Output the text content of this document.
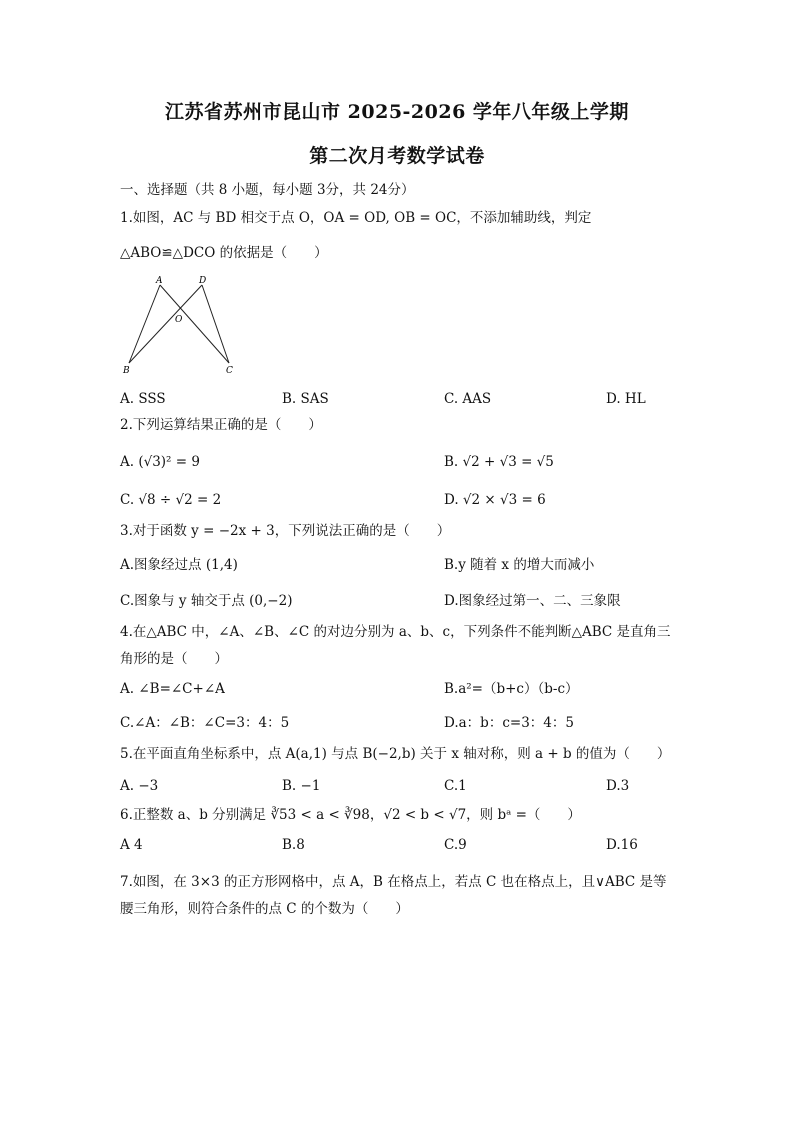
江苏省苏州市昆山市 2025-2026 学年八年级上学期
第二次月考数学试卷
一、选择题（共 8 小题，每小题 3分，共 24分）
1.如图，AC 与 BD 相交于点 O，OA = OD, OB = OC，不添加辅助线，判定
△ABO≌△DCO 的依据是（　　）
A	D
O
B	C
A. SSS	B. SAS	C. AAS	D. HL
2.下列运算结果正确的是（　　）
A. (√3)² = 9	B. √2 + √3 = √5
C. √8 ÷ √2 = 2	D. √2 × √3 = 6
3.对于函数 y = −2x + 3，下列说法正确的是（　　）
A.图象经过点 (1,4)	B.y 随着 x 的增大而减小
C.图象与 y 轴交于点 (0,−2)	D.图象经过第一、二、三象限
4.在△ABC 中，∠A、∠B、∠C 的对边分别为 a、b、c，下列条件不能判断△ABC 是直角三
角形的是（　　）
A. ∠B=∠C+∠A	B.a²=（b+c）（b-c）
C.∠A：∠B：∠C=3：4：5	D.a：b：c=3：4：5
5.在平面直角坐标系中，点 A(a,1) 与点 B(−2,b) 关于 x 轴对称，则 a + b 的值为（　　）
A. −3	B. −1	C.1	D.3
6.正整数 a、b 分别满足 ∛53 < a < ∛98，√2 < b < √7，则 bᵃ =（　　）
A 4	B.8	C.9	D.16
7.如图，在 3×3 的正方形网格中，点 A，B 在格点上，若点 C 也在格点上，且∨ABC 是等
腰三角形，则符合条件的点 C 的个数为（　　）
